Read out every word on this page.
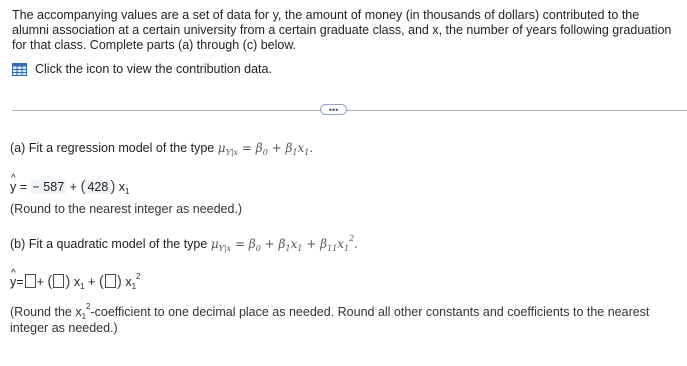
The accompanying values are a set of data for y, the amount of money (in thousands of dollars) contributed to the alumni association at a certain university from a certain graduate class, and x, the number of years following graduation for that class. Complete parts (a) through (c) below.

Click the icon to view the contribution data.
•••
(a) Fit a regression model of the type $\mu_{Y|x} = \beta_0 + \beta_1x_1$.
^ y = − 587 + ( 428 ) $x_1$
(Round to the nearest integer as needed.)
(b) Fit a quadratic model of the type $\mu_{Y|x} = \beta_0 + \beta_1x_1 + \beta_{11}x_1^2$.
^ y= + ( ) $x_1$ + ( ) $x_1^2$
(Round the $x_1^2$-coefficient to one decimal place as needed. Round all other constants and coefficients to the nearest
integer as needed.)
